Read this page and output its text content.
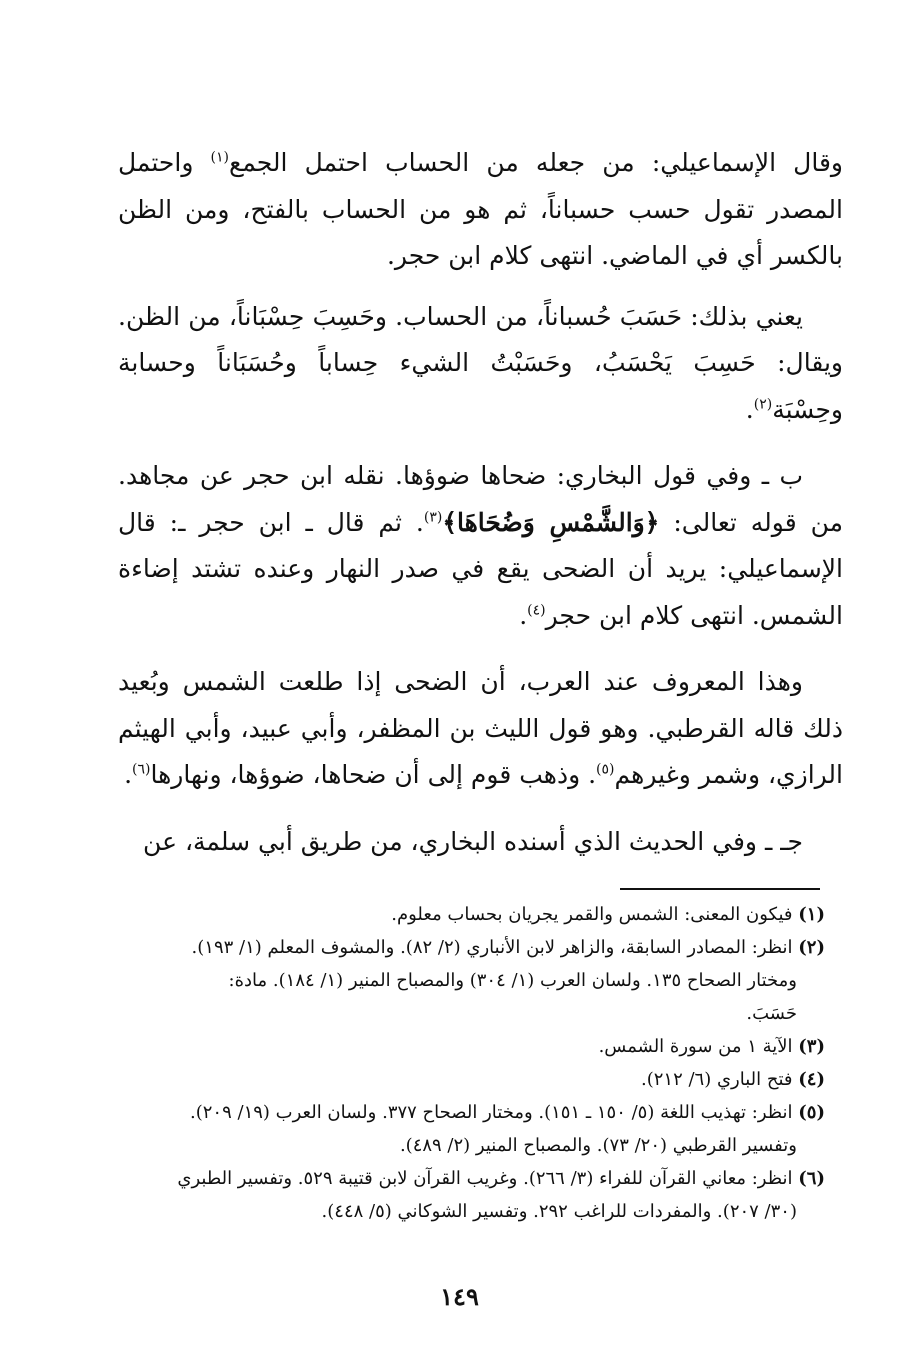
وقال الإسماعيلي: من جعله من الحساب احتمل الجمع$^{(١)}$ واحتمل المصدر تقول حسب حسباناً، ثم هو من الحساب بالفتح، ومن الظن بالكسر أي في الماضي. انتهى كلام ابن حجر.

يعني بذلك: حَسَبَ حُسباناً، من الحساب. وحَسِبَ حِسْبَاناً، من الظن. ويقال: حَسِبَ يَحْسَبُ، وحَسَبْتُ الشيء حِساباً وحُسَبَاناً وحسابة وحِسْبَة$^{(٢)}$.

ب ـ وفي قول البخاري: ضحاها ضوؤها. نقله ابن حجر عن مجاهد. من قوله تعالى: ﴿وَالشَّمْسِ وَضُحَاهَا﴾$^{(٣)}$. ثم قال ـ ابن حجر ـ: قال الإسماعيلي: يريد أن الضحى يقع في صدر النهار وعنده تشتد إضاءة الشمس. انتهى كلام ابن حجر$^{(٤)}$.

وهذا المعروف عند العرب، أن الضحى إذا طلعت الشمس وبُعيد ذلك قاله القرطبي. وهو قول الليث بن المظفر، وأبي عبيد، وأبي الهيثم الرازي، وشمر وغيرهم$^{(٥)}$. وذهب قوم إلى أن ضحاها، ضوؤها، ونهارها$^{(٦)}$.

جـ ـ وفي الحديث الذي أسنده البخاري، من طريق أبي سلمة، عن

(١) فيكون المعنى: الشمس والقمر يجريان بحساب معلوم.

(٢) انظر: المصادر السابقة، والزاهر لابن الأنباري (٢/ ٨٢). والمشوف المعلم (١/ ١٩٣).

ومختار الصحاح ١٣٥. ولسان العرب (١/ ٣٠٤) والمصباح المنير (١/ ١٨٤). مادة:

حَسَبَ.

(٣) الآية ١ من سورة الشمس.

(٤) فتح الباري (٦/ ٢١٢).

(٥) انظر: تهذيب اللغة (٥/ ١٥٠ ـ ١٥١). ومختار الصحاح ٣٧٧. ولسان العرب (١٩/ ٢٠٩).

وتفسير القرطبي (٢٠/ ٧٣). والمصباح المنير (٢/ ٤٨٩).

(٦) انظر: معاني القرآن للفراء (٣/ ٢٦٦). وغريب القرآن لابن قتيبة ٥٢٩. وتفسير الطبري

(٣٠/ ٢٠٧). والمفردات للراغب ٢٩٢. وتفسير الشوكاني (٥/ ٤٤٨).

١٤٩
